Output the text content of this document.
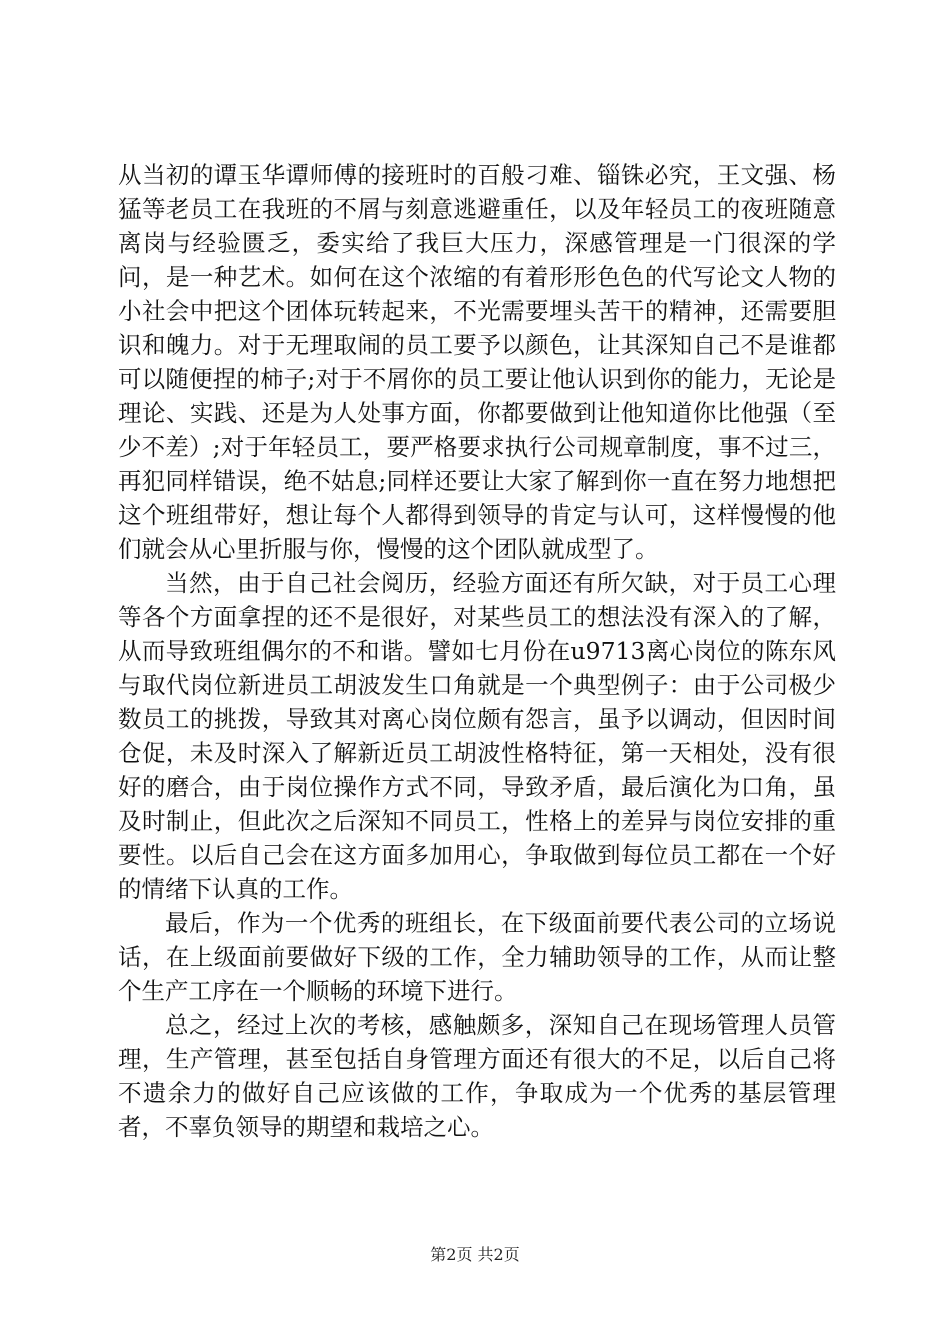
从当初的谭玉华谭师傅的接班时的百般刁难、锱铢必究，王文强、杨猛等老员工在我班的不屑与刻意逃避重任，以及年轻员工的夜班随意离岗与经验匮乏，委实给了我巨大压力，深感管理是一门很深的学问，是一种艺术。如何在这个浓缩的有着形形色色的代写论文人物的小社会中把这个团体玩转起来，不光需要埋头苦干的精神，还需要胆识和魄力。对于无理取闹的员工要予以颜色，让其深知自己不是谁都可以随便捏的柿子;对于不屑你的员工要让他认识到你的能力，无论是理论、实践、还是为人处事方面，你都要做到让他知道你比他强（至少不差）;对于年轻员工，要严格要求执行公司规章制度，事不过三，再犯同样错误，绝不姑息;同样还要让大家了解到你一直在努力地想把这个班组带好，想让每个人都得到领导的肯定与认可，这样慢慢的他们就会从心里折服与你，慢慢的这个团队就成型了。

当然，由于自己社会阅历，经验方面还有所欠缺，对于员工心理等各个方面拿捏的还不是很好，对某些员工的想法没有深入的了解，从而导致班组偶尔的不和谐。譬如七月份在u9713离心岗位的陈东风与取代岗位新进员工胡波发生口角就是一个典型例子：由于公司极少数员工的挑拨，导致其对离心岗位颇有怨言，虽予以调动，但因时间仓促，未及时深入了解新近员工胡波性格特征，第一天相处，没有很好的磨合，由于岗位操作方式不同，导致矛盾，最后演化为口角，虽及时制止，但此次之后深知不同员工，性格上的差异与岗位安排的重要性。以后自己会在这方面多加用心，争取做到每位员工都在一个好的情绪下认真的工作。

最后，作为一个优秀的班组长，在下级面前要代表公司的立场说话，在上级面前要做好下级的工作，全力辅助领导的工作，从而让整个生产工序在一个顺畅的环境下进行。

总之，经过上次的考核，感触颇多，深知自己在现场管理人员管理，生产管理，甚至包括自身管理方面还有很大的不足，以后自己将不遗余力的做好自己应该做的工作，争取成为一个优秀的基层管理者，不辜负领导的期望和栽培之心。

第2页 共2页
